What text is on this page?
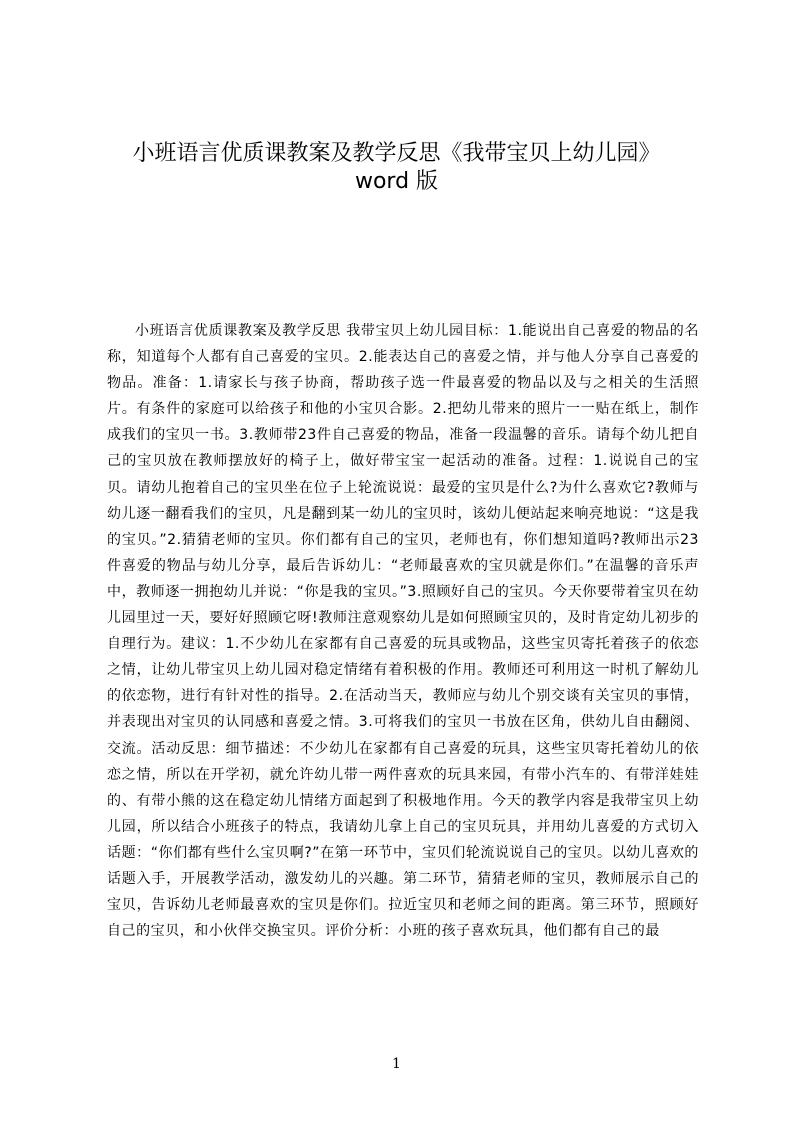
小班语言优质课教案及教学反思《我带宝贝上幼儿园》
word 版

小班语言优质课教案及教学反思 我带宝贝上幼儿园目标：1.能说出自己喜爱的物品的名称，知道每个人都有自己喜爱的宝贝。2.能表达自己的喜爱之情，并与他人分享自己喜爱的物品。准备：1.请家长与孩子协商，帮助孩子选一件最喜爱的物品以及与之相关的生活照片。有条件的家庭可以给孩子和他的小宝贝合影。2.把幼儿带来的照片一一贴在纸上，制作成我们的宝贝一书。3.教师带23件自己喜爱的物品，准备一段温馨的音乐。请每个幼儿把自己的宝贝放在教师摆放好的椅子上，做好带宝宝一起活动的准备。过程：1.说说自己的宝贝。请幼儿抱着自己的宝贝坐在位子上轮流说说：最爱的宝贝是什么?为什么喜欢它?教师与幼儿逐一翻看我们的宝贝，凡是翻到某一幼儿的宝贝时，该幼儿便站起来响亮地说：“这是我的宝贝。”2.猜猜老师的宝贝。你们都有自己的宝贝，老师也有，你们想知道吗?教师出示23件喜爱的物品与幼儿分享，最后告诉幼儿：“老师最喜欢的宝贝就是你们。”在温馨的音乐声中，教师逐一拥抱幼儿并说：“你是我的宝贝。”3.照顾好自己的宝贝。今天你要带着宝贝在幼儿园里过一天，要好好照顾它呀!教师注意观察幼儿是如何照顾宝贝的，及时肯定幼儿初步的自理行为。建议：1.不少幼儿在家都有自己喜爱的玩具或物品，这些宝贝寄托着孩子的依恋之情，让幼儿带宝贝上幼儿园对稳定情绪有着积极的作用。教师还可利用这一时机了解幼儿的依恋物，进行有针对性的指导。2.在活动当天，教师应与幼儿个别交谈有关宝贝的事情，并表现出对宝贝的认同感和喜爱之情。3.可将我们的宝贝一书放在区角，供幼儿自由翻阅、交流。活动反思：细节描述：不少幼儿在家都有自己喜爱的玩具，这些宝贝寄托着幼儿的依恋之情，所以在开学初，就允许幼儿带一两件喜欢的玩具来园，有带小汽车的、有带洋娃娃的、有带小熊的这在稳定幼儿情绪方面起到了积极地作用。今天的教学内容是我带宝贝上幼儿园，所以结合小班孩子的特点，我请幼儿拿上自己的宝贝玩具，并用幼儿喜爱的方式切入话题：“你们都有些什么宝贝啊?”在第一环节中，宝贝们轮流说说自己的宝贝。以幼儿喜欢的话题入手，开展教学活动，激发幼儿的兴趣。第二环节，猜猜老师的宝贝，教师展示自己的宝贝，告诉幼儿老师最喜欢的宝贝是你们。拉近宝贝和老师之间的距离。第三环节，照顾好自己的宝贝，和小伙伴交换宝贝。评价分析：小班的孩子喜欢玩具，他们都有自己的最

1
